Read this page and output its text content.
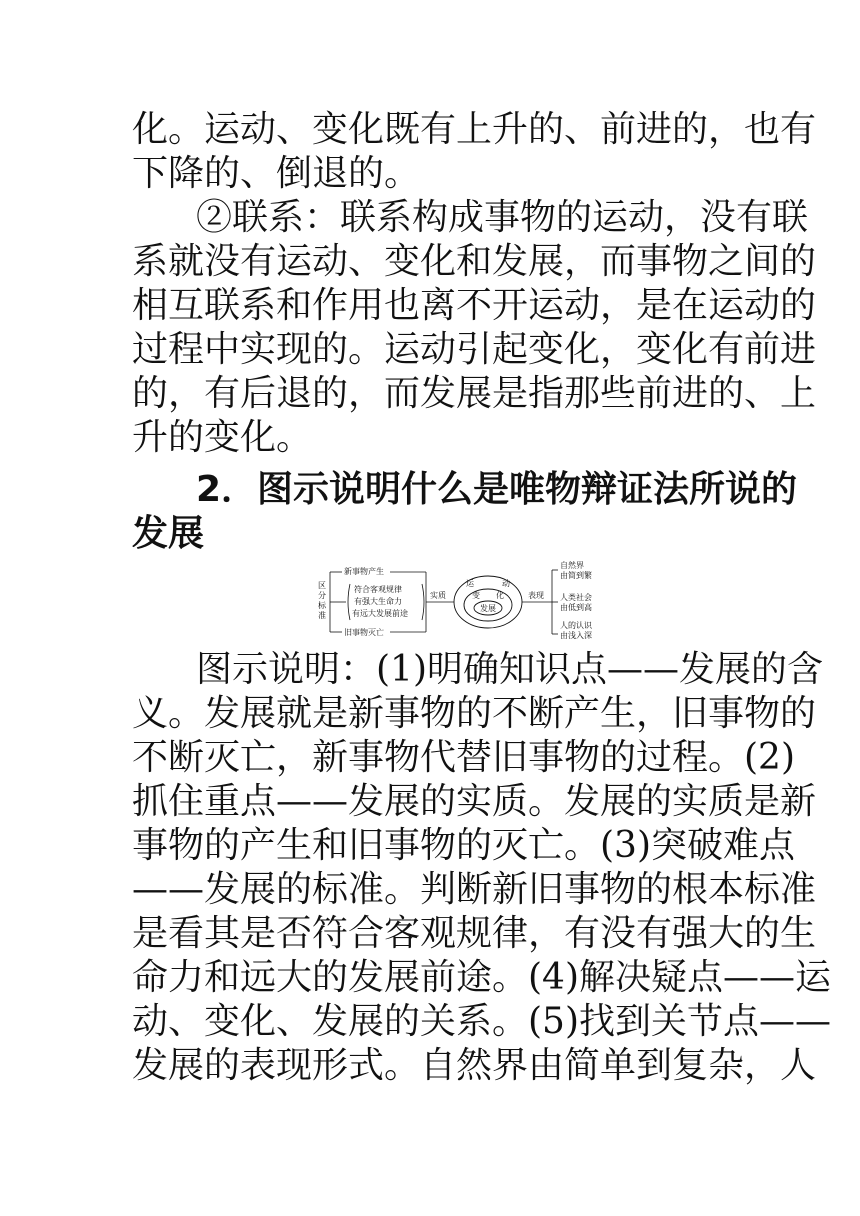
化。运动、变化既有上升的、前进的，也有
下降的、倒退的。
②联系：联系构成事物的运动，没有联
系就没有运动、变化和发展，而事物之间的
相互联系和作用也离不开运动，是在运动的
过程中实现的。运动引起变化，变化有前进
的，有后退的，而发展是指那些前进的、上
升的变化。
2．图示说明什么是唯物辩证法所说的
发展
新事物产生
符合客观规律
有强大生命力
有远大发展前途
旧事物灭亡
实质
运	动
变 化
发展
表现
自然界
由简到繁
人类社会
由低到高
人的认识
由浅入深
区
分
标
准
图示说明：(1)明确知识点——发展的含
义。发展就是新事物的不断产生，旧事物的
不断灭亡，新事物代替旧事物的过程。(2)
抓住重点——发展的实质。发展的实质是新
事物的产生和旧事物的灭亡。(3)突破难点
——发展的标准。判断新旧事物的根本标准
是看其是否符合客观规律，有没有强大的生
命力和远大的发展前途。(4)解决疑点——运
动、变化、发展的关系。(5)找到关节点——
发展的表现形式。自然界由简单到复杂，人
